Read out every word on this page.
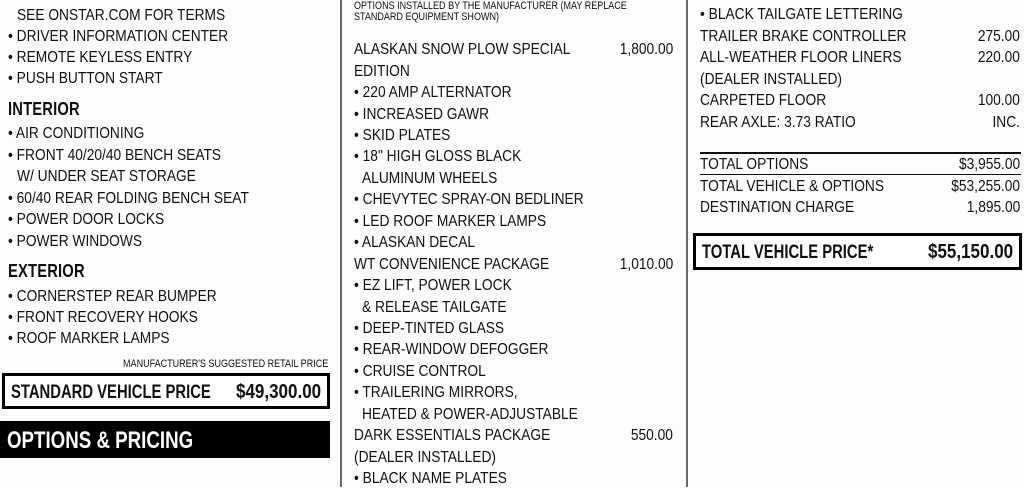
SEE ONSTAR.COM FOR TERMS
• DRIVER INFORMATION CENTER
• REMOTE KEYLESS ENTRY
• PUSH BUTTON START
INTERIOR
• AIR CONDITIONING
• FRONT 40/20/40 BENCH SEATS
W/ UNDER SEAT STORAGE
• 60/40 REAR FOLDING BENCH SEAT
• POWER DOOR LOCKS
• POWER WINDOWS
EXTERIOR
• CORNERSTEP REAR BUMPER
• FRONT RECOVERY HOOKS
• ROOF MARKER LAMPS
MANUFACTURER'S SUGGESTED RETAIL PRICE
STANDARD VEHICLE PRICE $49,300.00
OPTIONS & PRICING
OPTIONS INSTALLED BY THE MANUFACTURER (MAY REPLACE
STANDARD EQUIPMENT SHOWN)
ALASKAN SNOW PLOW SPECIAL	1,800.00
EDITION
• 220 AMP ALTERNATOR
• INCREASED GAWR
• SKID PLATES
• 18" HIGH GLOSS BLACK
ALUMINUM WHEELS
• CHEVYTEC SPRAY-ON BEDLINER
• LED ROOF MARKER LAMPS
• ALASKAN DECAL
WT CONVENIENCE PACKAGE	1,010.00
• EZ LIFT, POWER LOCK
& RELEASE TAILGATE
• DEEP-TINTED GLASS
• REAR-WINDOW DEFOGGER
• CRUISE CONTROL
• TRAILERING MIRRORS,
HEATED & POWER-ADJUSTABLE
DARK ESSENTIALS PACKAGE	550.00
(DEALER INSTALLED)
• BLACK NAME PLATES
• BLACK TAILGATE LETTERING
TRAILER BRAKE CONTROLLER	275.00
ALL-WEATHER FLOOR LINERS	220.00
(DEALER INSTALLED)
CARPETED FLOOR	100.00
REAR AXLE: 3.73 RATIO	INC.
TOTAL OPTIONS	$3,955.00
TOTAL VEHICLE & OPTIONS	$53,255.00
DESTINATION CHARGE	1,895.00
TOTAL VEHICLE PRICE*	$55,150.00
